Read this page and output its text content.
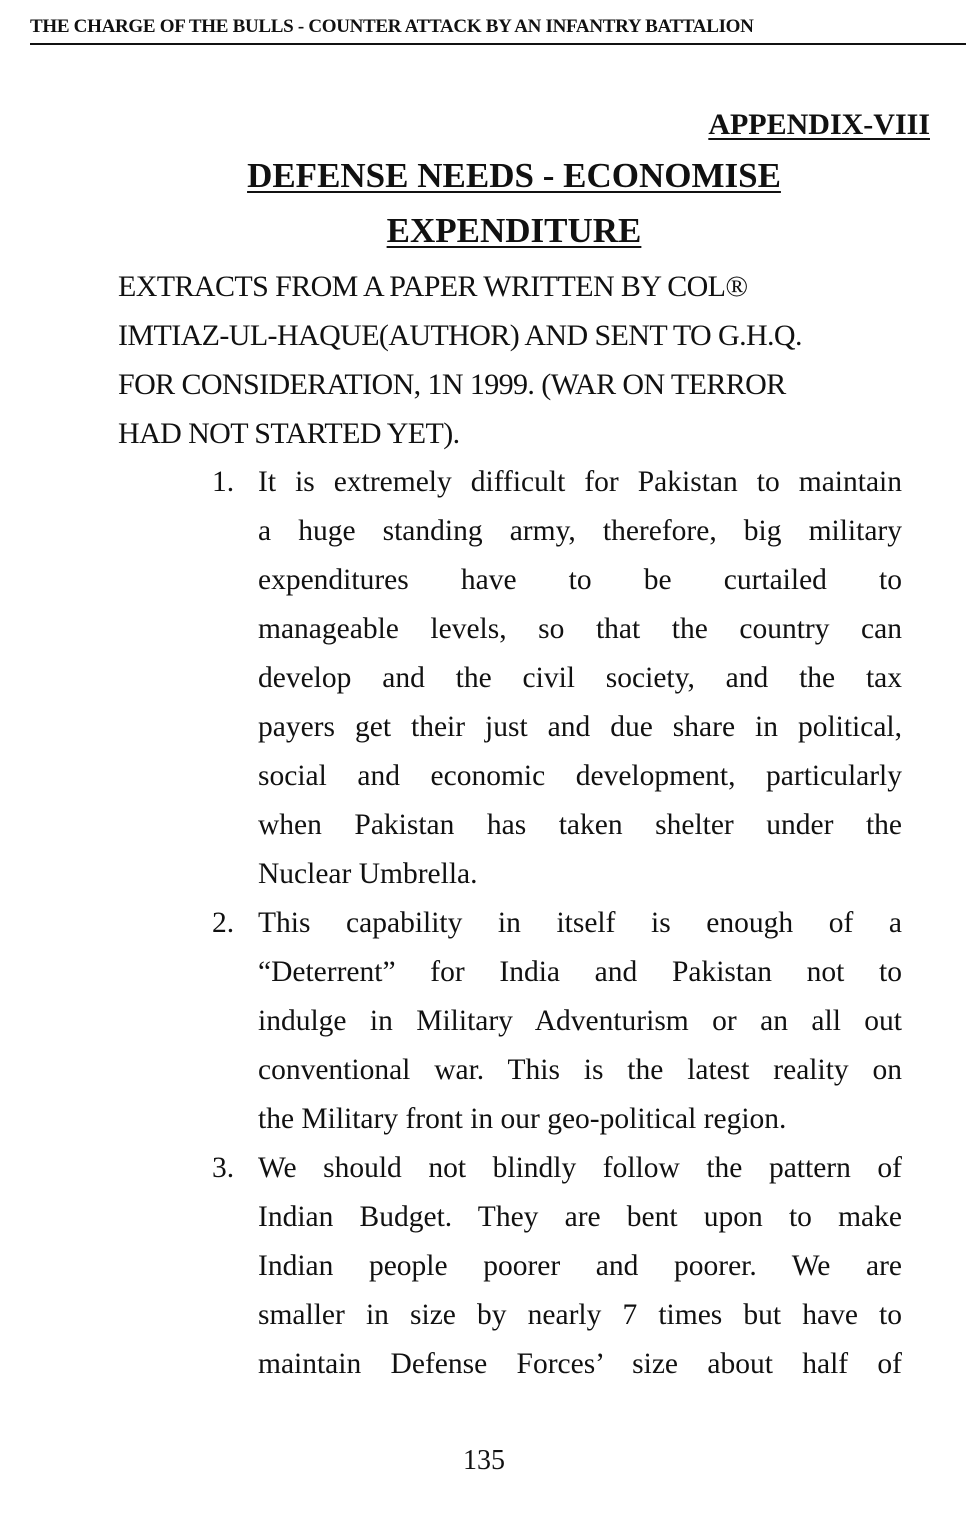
THE CHARGE OF THE BULLS - COUNTER ATTACK BY AN INFANTRY BATTALION
APPENDIX-VIII
DEFENSE NEEDS - ECONOMISE
EXPENDITURE

EXTRACTS FROM A PAPER WRITTEN BY COL®
IMTIAZ-UL-HAQUE(AUTHOR) AND SENT TO G.H.Q.
FOR CONSIDERATION, 1N 1999. (WAR ON TERROR
HAD NOT STARTED YET).

1. It is extremely difficult for Pakistan to maintain
a huge standing army, therefore, big military
expenditures have to be curtailed to
manageable levels, so that the country can
develop and the civil society, and the tax
payers get their just and due share in political,
social and economic development, particularly
when Pakistan has taken shelter under the
Nuclear Umbrella.
2. This capability in itself is enough of a
“Deterrent” for India and Pakistan not to
indulge in Military Adventurism or an all out
conventional war. This is the latest reality on
the Military front in our geo-political region.
3. We should not blindly follow the pattern of
Indian Budget. They are bent upon to make
Indian people poorer and poorer. We are
smaller in size by nearly 7 times but have to
maintain Defense Forces’ size about half of
135
